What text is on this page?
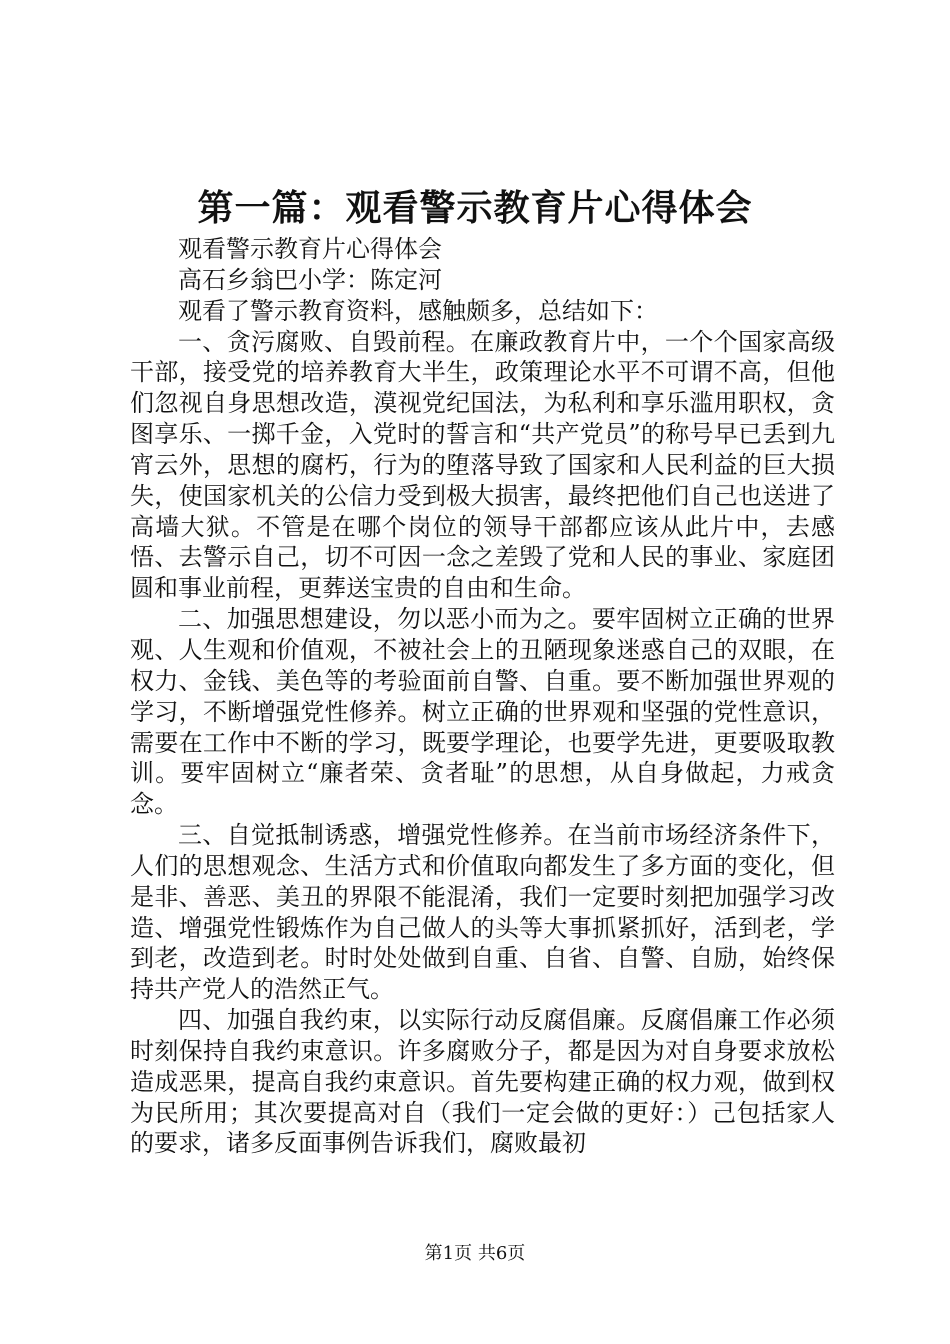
第一篇：观看警示教育片心得体会

观看警示教育片心得体会

高石乡翁巴小学：陈定河

观看了警示教育资料，感触颇多，总结如下：

一、贪污腐败、自毁前程。在廉政教育片中，一个个国家高级干部，接受党的培养教育大半生，政策理论水平不可谓不高，但他们忽视自身思想改造，漠视党纪国法，为私利和享乐滥用职权，贪图享乐、一掷千金，入党时的誓言和“共产党员”的称号早已丢到九宵云外，思想的腐朽，行为的堕落导致了国家和人民利益的巨大损失，使国家机关的公信力受到极大损害，最终把他们自己也送进了高墙大狱。不管是在哪个岗位的领导干部都应该从此片中，去感悟、去警示自己，切不可因一念之差毁了党和人民的事业、家庭团圆和事业前程，更葬送宝贵的自由和生命。

二、加强思想建设，勿以恶小而为之。要牢固树立正确的世界观、人生观和价值观，不被社会上的丑陋现象迷惑自己的双眼，在权力、金钱、美色等的考验面前自警、自重。要不断加强世界观的学习，不断增强党性修养。树立正确的世界观和坚强的党性意识，需要在工作中不断的学习，既要学理论，也要学先进，更要吸取教训。要牢固树立“廉者荣、贪者耻”的思想，从自身做起，力戒贪念。

三、自觉抵制诱惑，增强党性修养。在当前市场经济条件下，人们的思想观念、生活方式和价值取向都发生了多方面的变化，但是非、善恶、美丑的界限不能混淆，我们一定要时刻把加强学习改造、增强党性锻炼作为自己做人的头等大事抓紧抓好，活到老，学到老，改造到老。时时处处做到自重、自省、自警、自励，始终保持共产党人的浩然正气。

四、加强自我约束，以实际行动反腐倡廉。反腐倡廉工作必须时刻保持自我约束意识。许多腐败分子，都是因为对自身要求放松造成恶果，提高自我约束意识。首先要构建正确的权力观，做到权为民所用；其次要提高对自（我们一定会做的更好：）己包括家人的要求，诸多反面事例告诉我们，腐败最初

第1页 共6页
